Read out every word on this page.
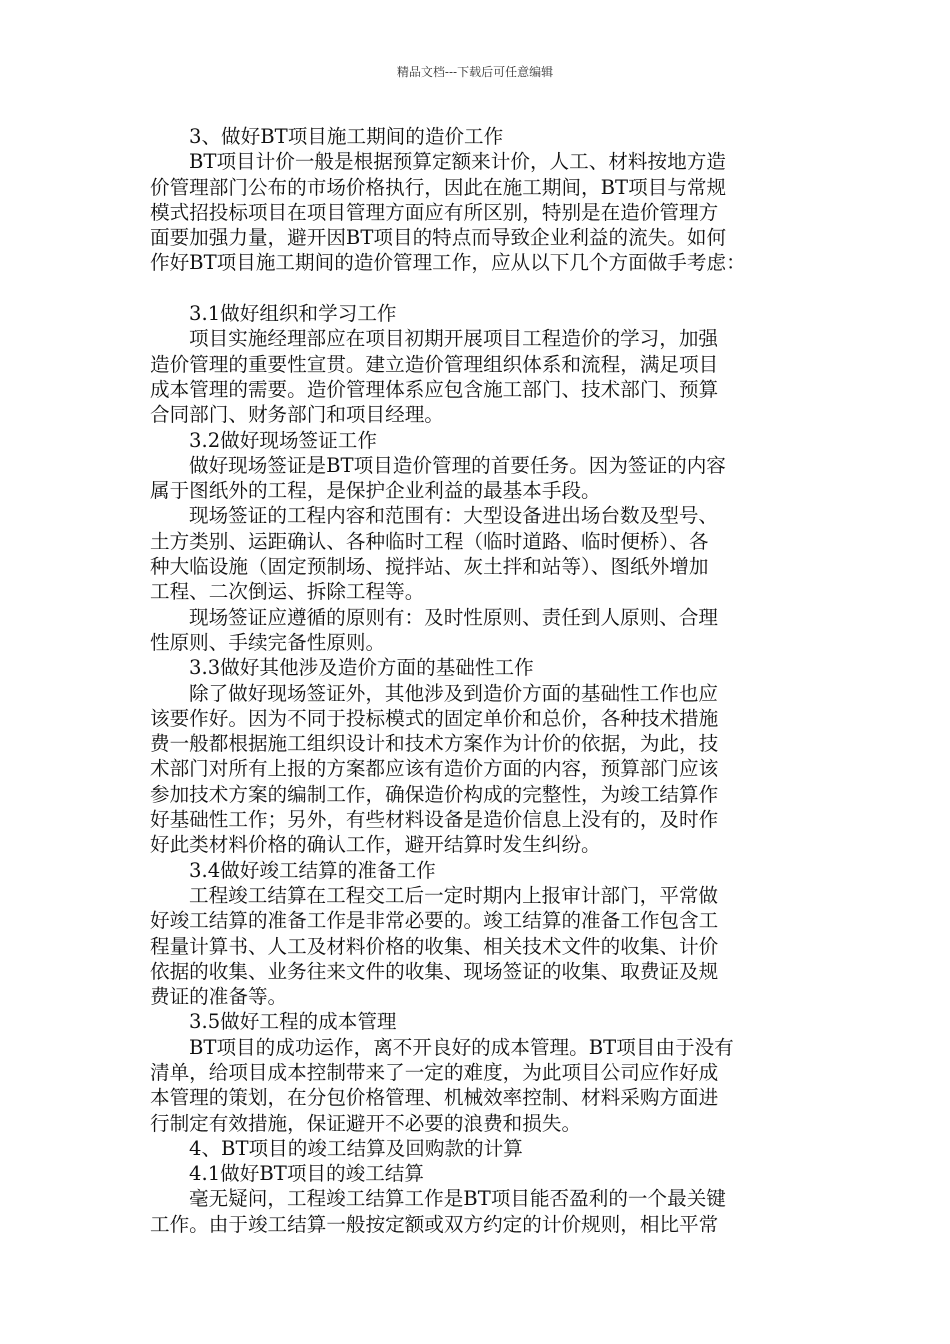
精品文档---下载后可任意编辑
3、做好BT项目施工期间的造价工作
BT项目计价一般是根据预算定额来计价，人工、材料按地方造
价管理部门公布的市场价格执行，因此在施工期间，BT项目与常规
模式招投标项目在项目管理方面应有所区别，特别是在造价管理方
面要加强力量，避开因BT项目的特点而导致企业利益的流失。如何
作好BT项目施工期间的造价管理工作，应从以下几个方面做手考虑：
3.1做好组织和学习工作
项目实施经理部应在项目初期开展项目工程造价的学习，加强
造价管理的重要性宣贯。建立造价管理组织体系和流程，满足项目
成本管理的需要。造价管理体系应包含施工部门、技术部门、预算
合同部门、财务部门和项目经理。
3.2做好现场签证工作
做好现场签证是BT项目造价管理的首要任务。因为签证的内容
属于图纸外的工程，是保护企业利益的最基本手段。
现场签证的工程内容和范围有：大型设备进出场台数及型号、
土方类别、运距确认、各种临时工程（临时道路、临时便桥）、各
种大临设施（固定预制场、搅拌站、灰土拌和站等）、图纸外增加
工程、二次倒运、拆除工程等。
现场签证应遵循的原则有：及时性原则、责任到人原则、合理
性原则、手续完备性原则。
3.3做好其他涉及造价方面的基础性工作
除了做好现场签证外，其他涉及到造价方面的基础性工作也应
该要作好。因为不同于投标模式的固定单价和总价，各种技术措施
费一般都根据施工组织设计和技术方案作为计价的依据，为此，技
术部门对所有上报的方案都应该有造价方面的内容，预算部门应该
参加技术方案的编制工作，确保造价构成的完整性，为竣工结算作
好基础性工作；另外，有些材料设备是造价信息上没有的，及时作
好此类材料价格的确认工作，避开结算时发生纠纷。
3.4做好竣工结算的准备工作
工程竣工结算在工程交工后一定时期内上报审计部门，平常做
好竣工结算的准备工作是非常必要的。竣工结算的准备工作包含工
程量计算书、人工及材料价格的收集、相关技术文件的收集、计价
依据的收集、业务往来文件的收集、现场签证的收集、取费证及规
费证的准备等。
3.5做好工程的成本管理
BT项目的成功运作，离不开良好的成本管理。BT项目由于没有
清单，给项目成本控制带来了一定的难度，为此项目公司应作好成
本管理的策划，在分包价格管理、机械效率控制、材料采购方面进
行制定有效措施，保证避开不必要的浪费和损失。
4、BT项目的竣工结算及回购款的计算
4.1做好BT项目的竣工结算
毫无疑问，工程竣工结算工作是BT项目能否盈利的一个最关键
工作。由于竣工结算一般按定额或双方约定的计价规则，相比平常
